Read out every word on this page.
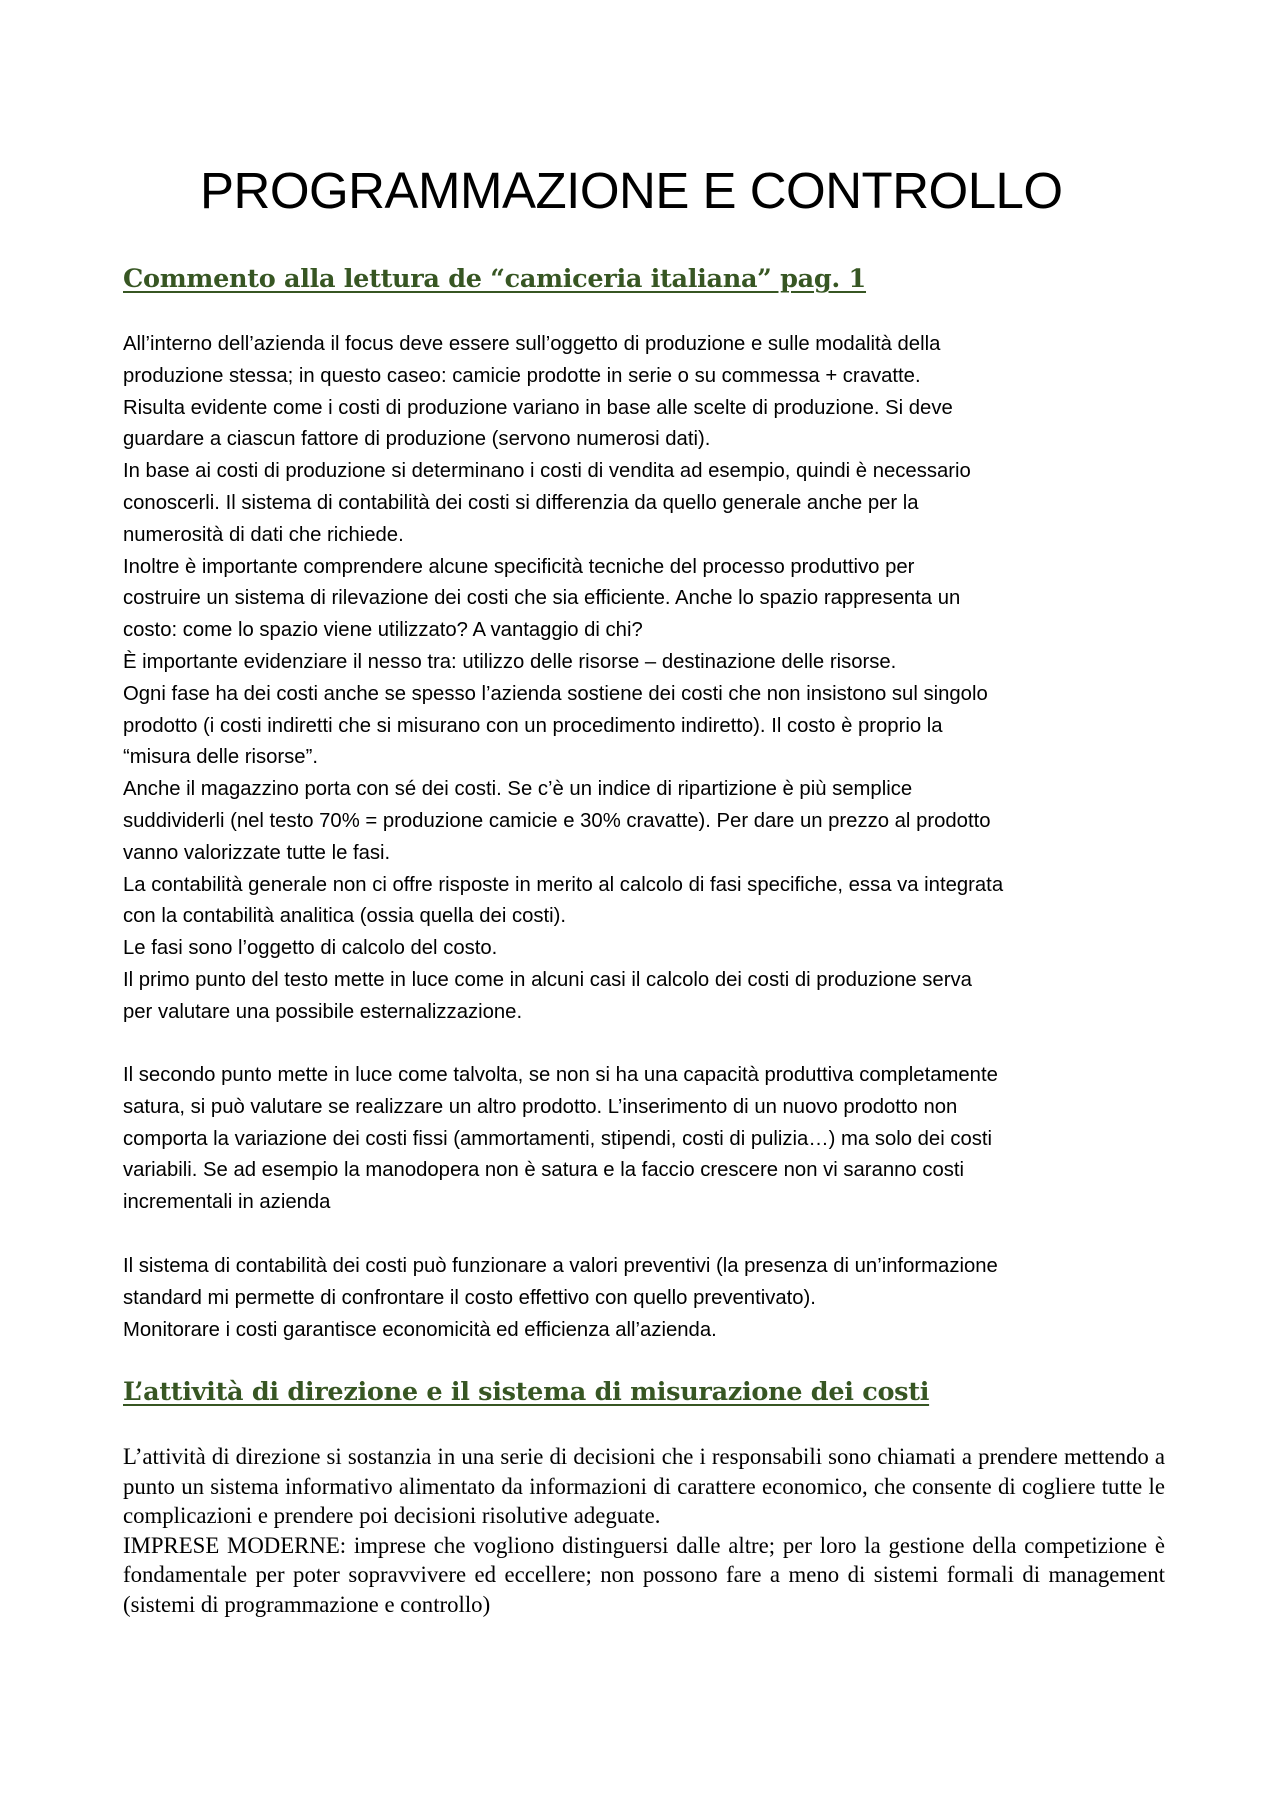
PROGRAMMAZIONE E CONTROLLO
Commento alla lettura de “camiceria italiana” pag. 1

All’interno dell’azienda il focus deve essere sull’oggetto di produzione e sulle modalità della

produzione stessa; in questo caseo: camicie prodotte in serie o su commessa + cravatte.

Risulta evidente come i costi di produzione variano in base alle scelte di produzione. Si deve

guardare a ciascun fattore di produzione (servono numerosi dati).

In base ai costi di produzione si determinano i costi di vendita ad esempio, quindi è necessario

conoscerli. Il sistema di contabilità dei costi si differenzia da quello generale anche per la

numerosità di dati che richiede.

Inoltre è importante comprendere alcune specificità tecniche del processo produttivo per

costruire un sistema di rilevazione dei costi che sia efficiente. Anche lo spazio rappresenta un

costo: come lo spazio viene utilizzato? A vantaggio di chi?

È importante evidenziare il nesso tra: utilizzo delle risorse – destinazione delle risorse.

Ogni fase ha dei costi anche se spesso l’azienda sostiene dei costi che non insistono sul singolo

prodotto (i costi indiretti che si misurano con un procedimento indiretto). Il costo è proprio la

“misura delle risorse”.

Anche il magazzino porta con sé dei costi. Se c’è un indice di ripartizione è più semplice

suddividerli (nel testo 70% = produzione camicie e 30% cravatte). Per dare un prezzo al prodotto

vanno valorizzate tutte le fasi.

La contabilità generale non ci offre risposte in merito al calcolo di fasi specifiche, essa va integrata

con la contabilità analitica (ossia quella dei costi).

Le fasi sono l’oggetto di calcolo del costo.

Il primo punto del testo mette in luce come in alcuni casi il calcolo dei costi di produzione serva

per valutare una possibile esternalizzazione.

Il secondo punto mette in luce come talvolta, se non si ha una capacità produttiva completamente

satura, si può valutare se realizzare un altro prodotto. L’inserimento di un nuovo prodotto non

comporta la variazione dei costi fissi (ammortamenti, stipendi, costi di pulizia…) ma solo dei costi

variabili. Se ad esempio la manodopera non è satura e la faccio crescere non vi saranno costi

incrementali in azienda

Il sistema di contabilità dei costi può funzionare a valori preventivi (la presenza di un’informazione

standard mi permette di confrontare il costo effettivo con quello preventivato).

Monitorare i costi garantisce economicità ed efficienza all’azienda.

L’attività di direzione e il sistema di misurazione dei costi

L’attività di direzione si sostanzia in una serie di decisioni che i responsabili sono chiamati a prendere mettendo a punto un sistema informativo alimentato da informazioni di carattere economico, che consente di cogliere tutte le complicazioni e prendere poi decisioni risolutive adeguate.

IMPRESE MODERNE: imprese che vogliono distinguersi dalle altre; per loro la gestione della competizione è fondamentale per poter sopravvivere ed eccellere; non possono fare a meno di sistemi formali di management (sistemi di programmazione e controllo)
